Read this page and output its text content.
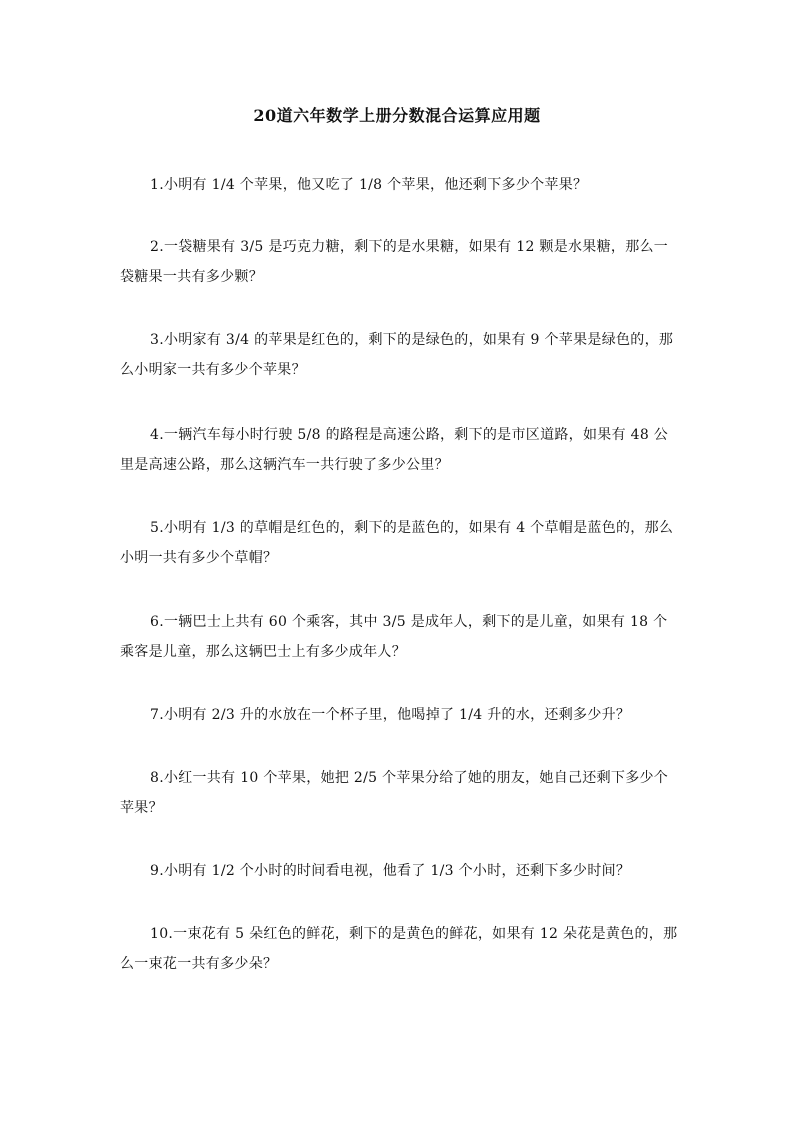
20道六年数学上册分数混合运算应用题

1.小明有 1/4 个苹果，他又吃了 1/8 个苹果，他还剩下多少个苹果？

2.一袋糖果有 3/5 是巧克力糖，剩下的是水果糖，如果有 12 颗是水果糖，那么一袋糖果一共有多少颗？

3.小明家有 3/4 的苹果是红色的，剩下的是绿色的，如果有 9 个苹果是绿色的，那么小明家一共有多少个苹果？

4.一辆汽车每小时行驶 5/8 的路程是高速公路，剩下的是市区道路，如果有 48 公里是高速公路，那么这辆汽车一共行驶了多少公里？

5.小明有 1/3 的草帽是红色的，剩下的是蓝色的，如果有 4 个草帽是蓝色的，那么小明一共有多少个草帽？

6.一辆巴士上共有 60 个乘客，其中 3/5 是成年人，剩下的是儿童，如果有 18 个乘客是儿童，那么这辆巴士上有多少成年人？

7.小明有 2/3 升的水放在一个杯子里，他喝掉了 1/4 升的水，还剩多少升？

8.小红一共有 10 个苹果，她把 2/5 个苹果分给了她的朋友，她自己还剩下多少个苹果？

9.小明有 1/2 个小时的时间看电视，他看了 1/3 个小时，还剩下多少时间？

10.一束花有 5 朵红色的鲜花，剩下的是黄色的鲜花，如果有 12 朵花是黄色的，那么一束花一共有多少朵？
